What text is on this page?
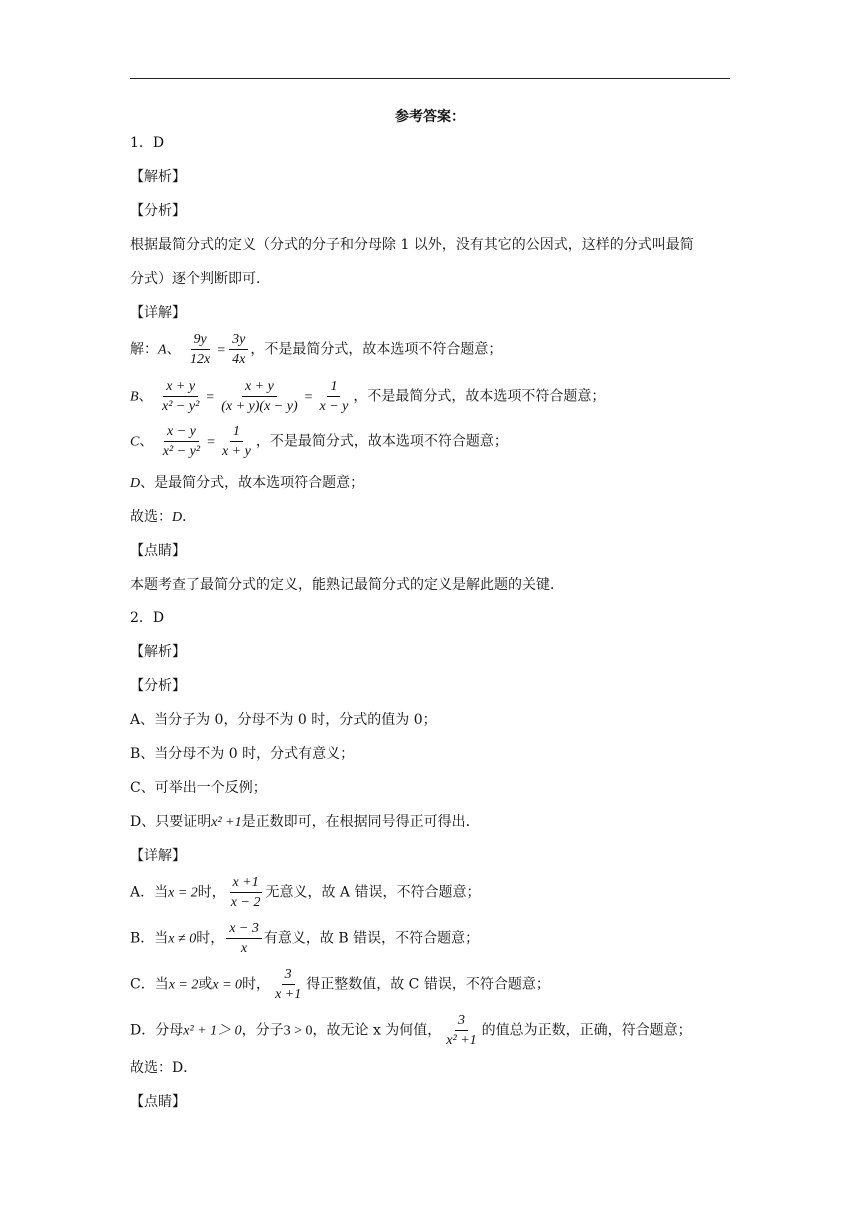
参考答案：
1．D
【解析】
【分析】
根据最简分式的定义（分式的分子和分母除 1 以外，没有其它的公因式，这样的分式叫最简
分式）逐个判断即可．
【详解】
解：A、 $\frac{9y}{12x} = \frac{3y}{4x}$ ，不是最简分式，故本选项不符合题意；
B、 $\frac{x + y}{\text{x² − y²}} = \frac{x + y}{(x + y)(x - y)} = \frac{1}{x - y}$ ，不是最简分式，故本选项不符合题意；
C、 $\frac{x - y}{\text{x² − y²}} = \frac{1}{x + y}$ ，不是最简分式，故本选项不符合题意；
D、是最简分式，故本选项符合题意；
故选：D．
【点睛】
本题考查了最简分式的定义，能熟记最简分式的定义是解此题的关键．
2．D
【解析】
【分析】
A、当分子为 0，分母不为 0 时，分式的值为 0；
B、当分母不为 0 时，分式有意义；
C、可举出一个反例；
D、只要证明x² +1是正数即可，在根据同号得正可得出．
【详解】
A．当x = 2时， $\frac{x +1}{x - 2}$ 无意义，故 A 错误，不符合题意；
B．当x ≠ 0时， $\frac{x - 3}{x}$ 有意义，故 B 错误，不符合题意；
C．当x = 2或x = 0时， $\frac{3}{x +1}$ 得正整数值，故 C 错误，不符合题意；
D．分母x² + 1＞ 0，分子3 > 0，故无论 x 为何值， $\frac{3}{\text{x² +1}}$ 的值总为正数，正确，符合题意；
故选：D．
【点睛】
